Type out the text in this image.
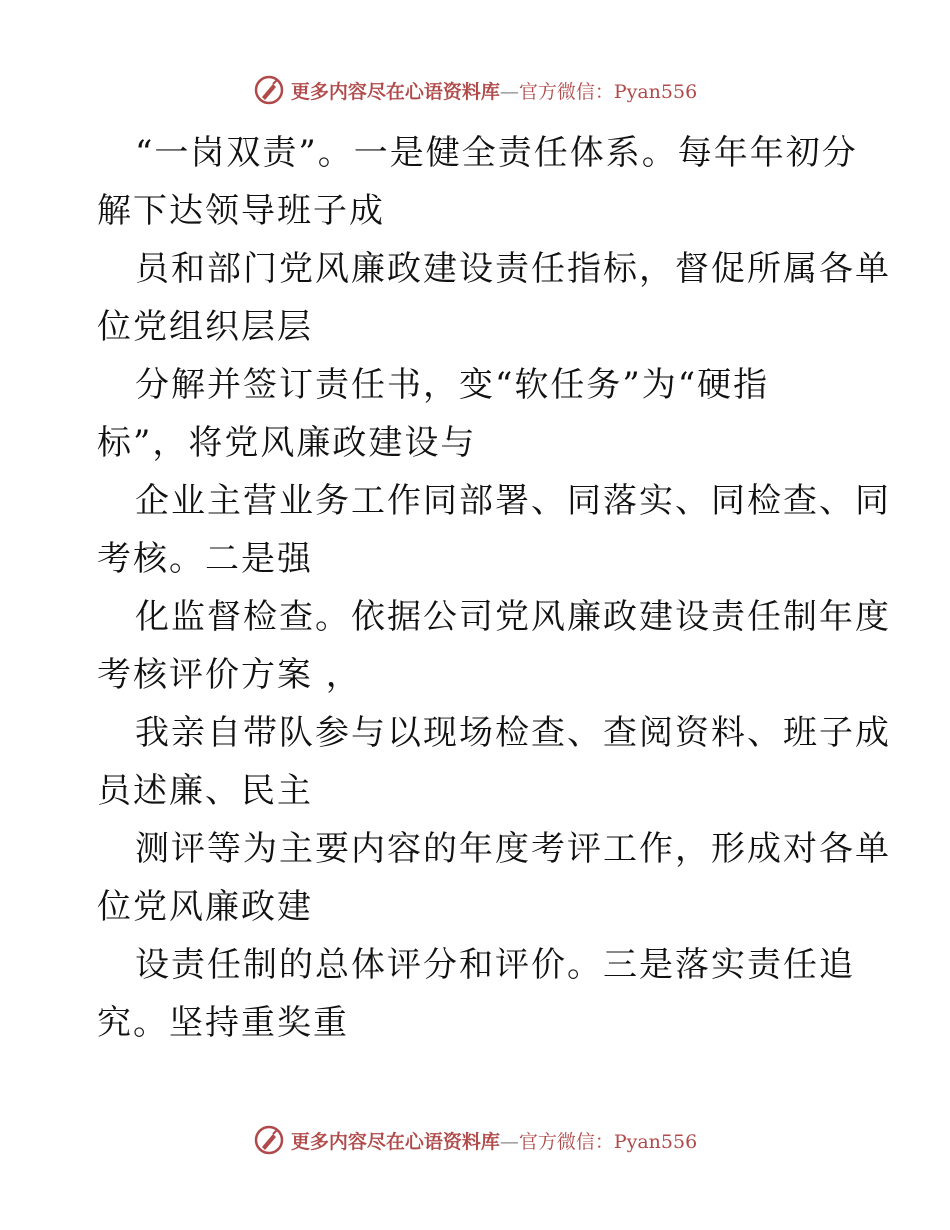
更多内容尽在心语资料库—官方微信：Pyan556

“一岗双责”。一是健全责任体系。每年年初分
解下达领导班子成

员和部门党风廉政建设责任指标，督促所属各单
位党组织层层

分解并签订责任书，变“软任务”为“硬指
标”，将党风廉政建设与

企业主营业务工作同部署、同落实、同检查、同
考核。二是强

化监督检查。依据公司党风廉政建设责任制年度
考核评价方案 ，

我亲自带队参与以现场检查、查阅资料、班子成
员述廉、民主

测评等为主要内容的年度考评工作，形成对各单
位党风廉政建

设责任制的总体评分和评价。三是落实责任追
究。坚持重奖重

更多内容尽在心语资料库—官方微信：Pyan556
